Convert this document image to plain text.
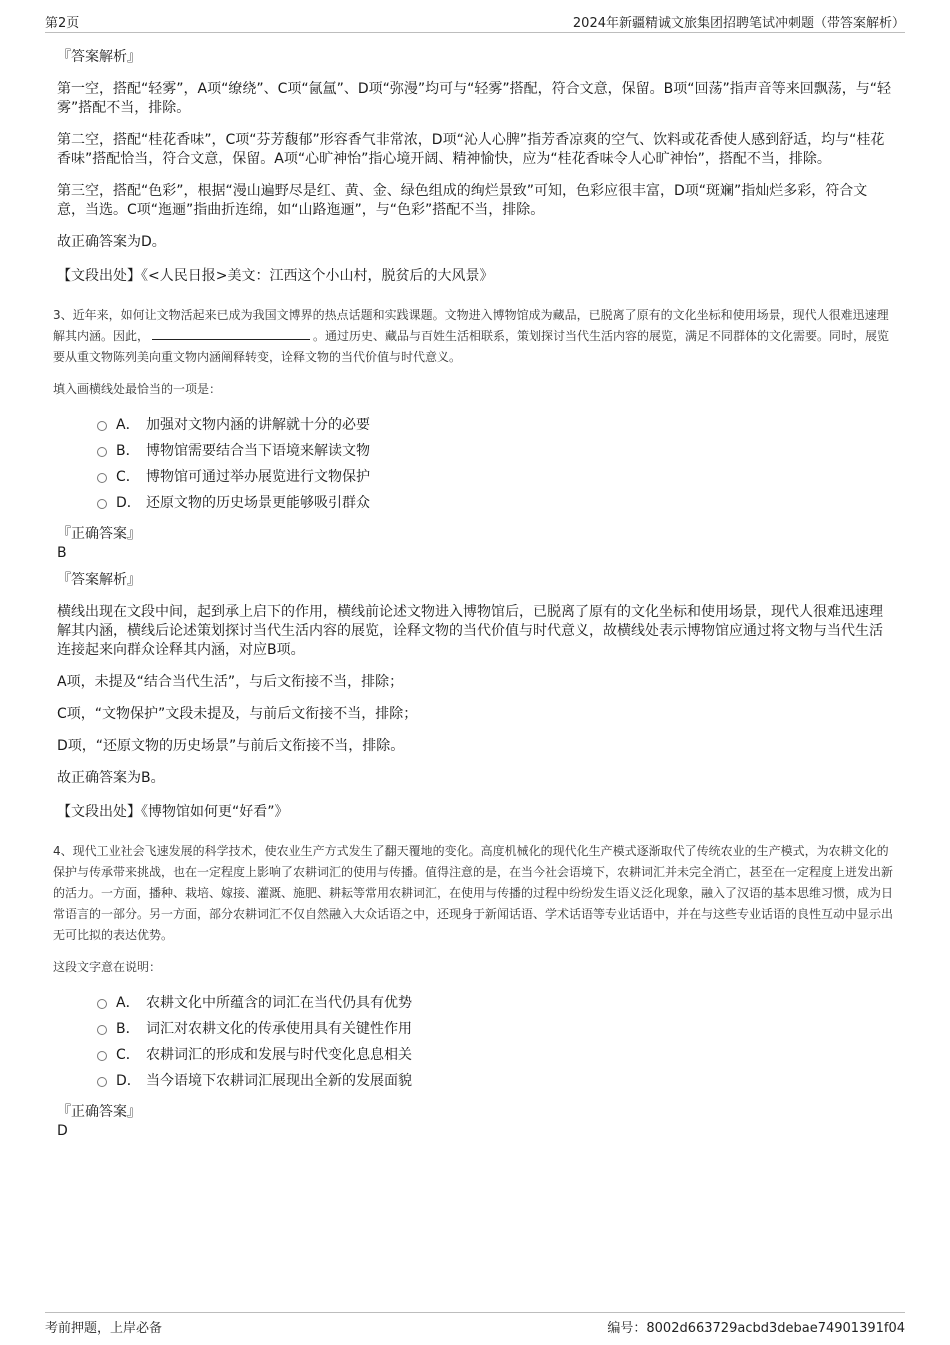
第2页	2024年新疆精诚文旅集团招聘笔试冲刺题（带答案解析）
『答案解析』
第一空，搭配“轻雾”，A项“缭绕”、C项“氤氲”、D项“弥漫”均可与“轻雾”搭配，符合文意，保留。B项“回荡”指声音等来回飘荡，与“轻雾”搭配不当，排除。
第二空，搭配“桂花香味”，C项“芬芳馥郁”形容香气非常浓，D项“沁人心脾”指芳香凉爽的空气、饮料或花香使人感到舒适，均与“桂花香味”搭配恰当，符合文意，保留。A项“心旷神怡”指心境开阔、精神愉快，应为“桂花香味令人心旷神怡”，搭配不当，排除。
第三空，搭配“色彩”，根据“漫山遍野尽是红、黄、金、绿色组成的绚烂景致”可知，色彩应很丰富，D项“斑斓”指灿烂多彩，符合文意，当选。C项“迤逦”指曲折连绵，如“山路迤逦”，与“色彩”搭配不当，排除。
故正确答案为D。
【文段出处】《<人民日报>美文：江西这个小山村，脱贫后的大风景》
3、近年来，如何让文物活起来已成为我国文博界的热点话题和实践课题。文物进入博物馆成为藏品，已脱离了原有的文化坐标和使用场景，现代人很难迅速理解其内涵。因此，	。通过历史、藏品与百姓生活相联系，策划探讨当代生活内容的展览，满足不同群体的文化需要。同时，展览要从重文物陈列美向重文物内涵阐释转变，诠释文物的当代价值与时代意义。
填入画横线处最恰当的一项是：
A． 加强对文物内涵的讲解就十分的必要
B． 博物馆需要结合当下语境来解读文物
C． 博物馆可通过举办展览进行文物保护
D． 还原文物的历史场景更能够吸引群众
『正确答案』
B
『答案解析』
横线出现在文段中间，起到承上启下的作用，横线前论述文物进入博物馆后，已脱离了原有的文化坐标和使用场景，现代人很难迅速理解其内涵，横线后论述策划探讨当代生活内容的展览，诠释文物的当代价值与时代意义，故横线处表示博物馆应通过将文物与当代生活连接起来向群众诠释其内涵，对应B项。
A项，未提及“结合当代生活”，与后文衔接不当，排除；
C项，“文物保护”文段未提及，与前后文衔接不当，排除；
D项，“还原文物的历史场景”与前后文衔接不当，排除。
故正确答案为B。
【文段出处】《博物馆如何更“好看”》
4、现代工业社会飞速发展的科学技术，使农业生产方式发生了翻天覆地的变化。高度机械化的现代化生产模式逐渐取代了传统农业的生产模式，为农耕文化的保护与传承带来挑战，也在一定程度上影响了农耕词汇的使用与传播。值得注意的是，在当今社会语境下，农耕词汇并未完全消亡，甚至在一定程度上迸发出新的活力。一方面，播种、栽培、嫁接、灌溉、施肥、耕耘等常用农耕词汇，在使用与传播的过程中纷纷发生语义泛化现象，融入了汉语的基本思维习惯，成为日常语言的一部分。另一方面，部分农耕词汇不仅自然融入大众话语之中，还现身于新闻话语、学术话语等专业话语中，并在与这些专业话语的良性互动中显示出无可比拟的表达优势。
这段文字意在说明：
A． 农耕文化中所蕴含的词汇在当代仍具有优势
B． 词汇对农耕文化的传承使用具有关键性作用
C． 农耕词汇的形成和发展与时代变化息息相关
D． 当今语境下农耕词汇展现出全新的发展面貌
『正确答案』
D
考前押题，上岸必备	编号：8002d663729acbd3debae74901391f04
